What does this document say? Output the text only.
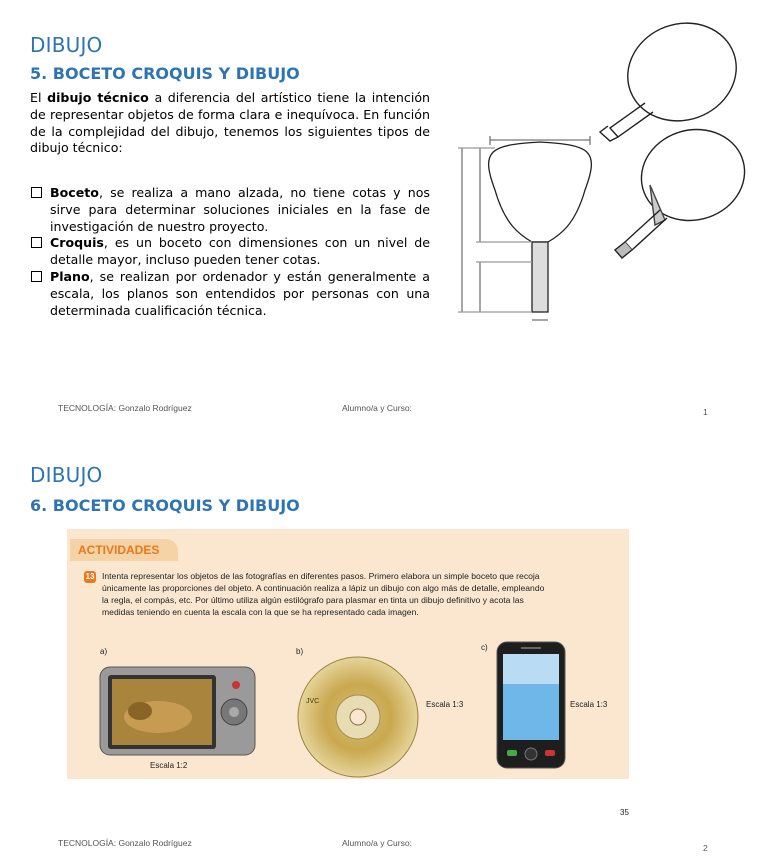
DIBUJO
5. BOCETO CROQUIS Y DIBUJO
El dibujo técnico a diferencia del artístico tiene la intención de representar objetos de forma clara e inequívoca. En función de la complejidad del dibujo, tenemos los siguientes tipos de dibujo técnico:
Boceto, se realiza a mano alzada, no tiene cotas y nos sirve para determinar soluciones iniciales en la fase de investigación de nuestro proyecto.
Croquis, es un boceto con dimensiones con un nivel de detalle mayor, incluso pueden tener cotas.
Plano, se realizan por ordenador y están generalmente a escala, los planos son entendidos por personas con una determinada cualificación técnica.
TECNOLOGÍA: Gonzalo Rodríguez	Alumno/a y Curso:	1
DIBUJO
6. BOCETO CROQUIS Y DIBUJO
ACTIVIDADES
13 Intenta representar los objetos de las fotografías en diferentes pasos. Primero elabora un simple boceto que recoja únicamente las proporciones del objeto. A continuación realiza a lápiz un dibujo con algo más de detalle, empleando la regla, el compás, etc. Por último utiliza algún estilógrafo para plasmar en tinta un dibujo definitivo y acota las medidas teniendo en cuenta la escala con la que se ha representado cada imagen.
a)	b)	c)
Escala 1:2
JVC	Escala 1:3	Escala 1:3
35
TECNOLOGÍA: Gonzalo Rodríguez	Alumno/a y Curso:	2
